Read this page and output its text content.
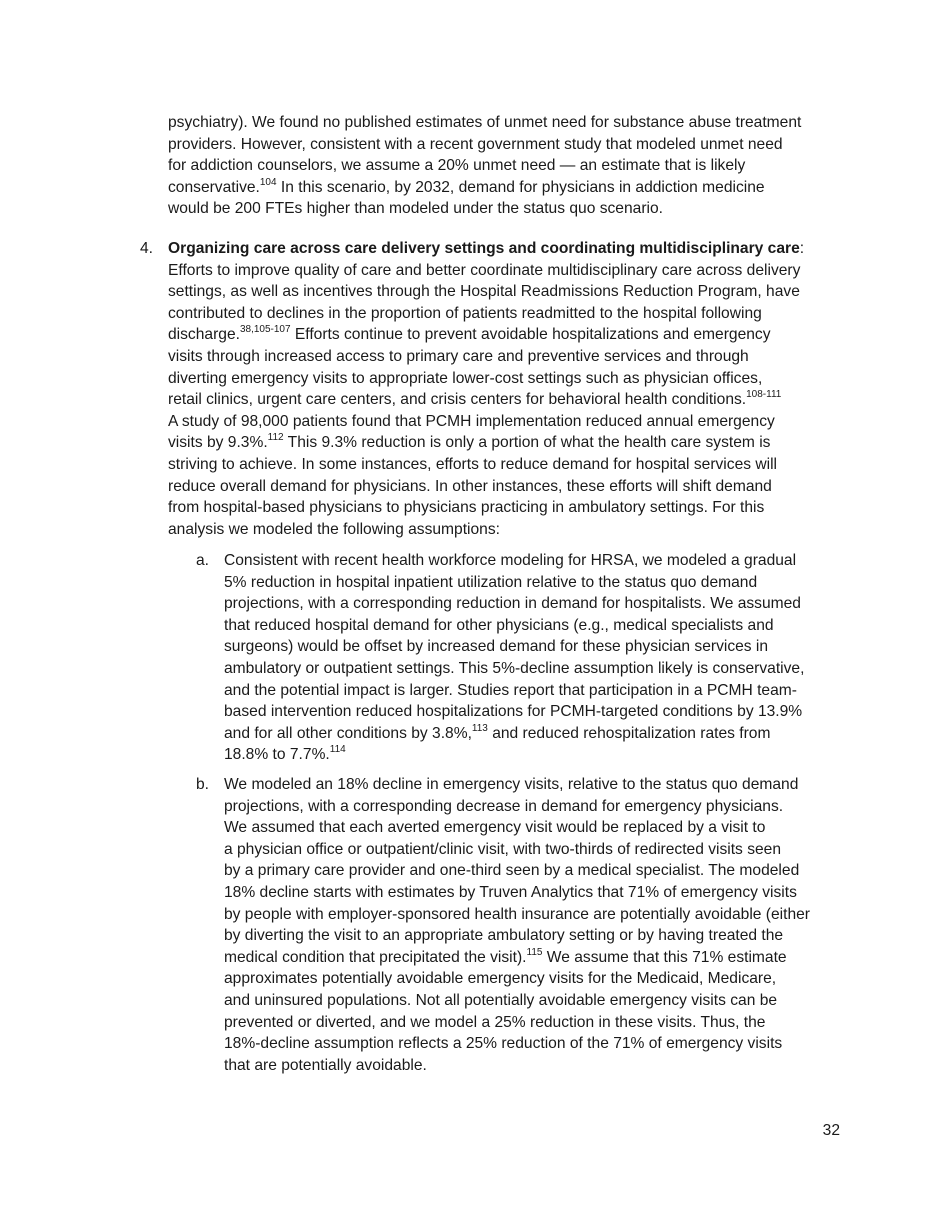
psychiatry). We found no published estimates of unmet need for substance abuse treatment
providers. However, consistent with a recent government study that modeled unmet need
for addiction counselors, we assume a 20% unmet need — an estimate that is likely
conservative.$^{104}$ In this scenario, by 2032, demand for physicians in addiction medicine
would be 200 FTEs higher than modeled under the status quo scenario.

4. Organizing care across care delivery settings and coordinating multidisciplinary care:
Efforts to improve quality of care and better coordinate multidisciplinary care across delivery
settings, as well as incentives through the Hospital Readmissions Reduction Program, have
contributed to declines in the proportion of patients readmitted to the hospital following
discharge.$^{38,105-107}$ Efforts continue to prevent avoidable hospitalizations and emergency
visits through increased access to primary care and preventive services and through
diverting emergency visits to appropriate lower-cost settings such as physician offices,
retail clinics, urgent care centers, and crisis centers for behavioral health conditions.$^{108-111}$
A study of 98,000 patients found that PCMH implementation reduced annual emergency
visits by 9.3%.$^{112}$ This 9.3% reduction is only a portion of what the health care system is
striving to achieve. In some instances, efforts to reduce demand for hospital services will
reduce overall demand for physicians. In other instances, these efforts will shift demand
from hospital-based physicians to physicians practicing in ambulatory settings. For this
analysis we modeled the following assumptions:

a. Consistent with recent health workforce modeling for HRSA, we modeled a gradual
5% reduction in hospital inpatient utilization relative to the status quo demand
projections, with a corresponding reduction in demand for hospitalists. We assumed
that reduced hospital demand for other physicians (e.g., medical specialists and
surgeons) would be offset by increased demand for these physician services in
ambulatory or outpatient settings. This 5%-decline assumption likely is conservative,
and the potential impact is larger. Studies report that participation in a PCMH team-
based intervention reduced hospitalizations for PCMH-targeted conditions by 13.9%
and for all other conditions by 3.8%,$^{113}$ and reduced rehospitalization rates from
18.8% to 7.7%.$^{114}$

b. We modeled an 18% decline in emergency visits, relative to the status quo demand
projections, with a corresponding decrease in demand for emergency physicians.
We assumed that each averted emergency visit would be replaced by a visit to
a physician office or outpatient/clinic visit, with two-thirds of redirected visits seen
by a primary care provider and one-third seen by a medical specialist. The modeled
18% decline starts with estimates by Truven Analytics that 71% of emergency visits
by people with employer-sponsored health insurance are potentially avoidable (either
by diverting the visit to an appropriate ambulatory setting or by having treated the
medical condition that precipitated the visit).$^{115}$ We assume that this 71% estimate
approximates potentially avoidable emergency visits for the Medicaid, Medicare,
and uninsured populations. Not all potentially avoidable emergency visits can be
prevented or diverted, and we model a 25% reduction in these visits. Thus, the
18%-decline assumption reflects a 25% reduction of the 71% of emergency visits
that are potentially avoidable.

32
